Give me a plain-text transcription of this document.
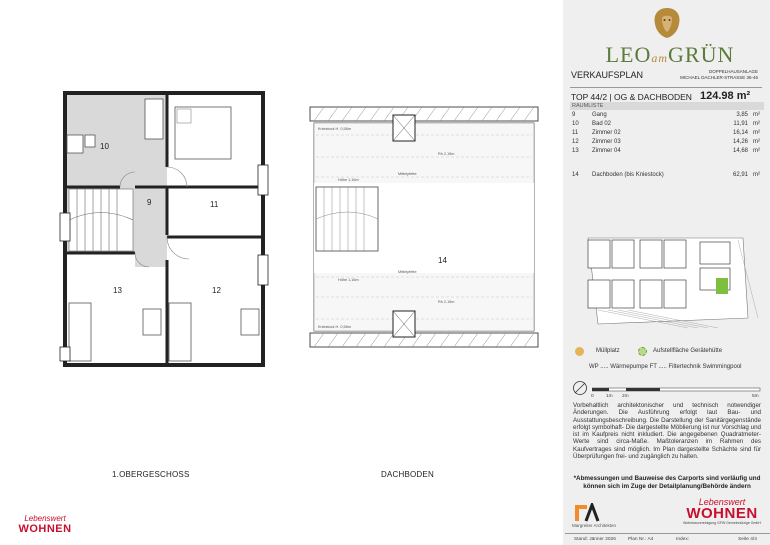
10
9	11
13	12
Kniestock H. 0,58m
Rh 2,19m
Höhe 1,16m
Mittelpfette
14
Höhe 1,16m
Mittelpfette
Rh 2,19m
Kniestock H. 0,58m
1.OBERGESCHOSS	DACHBODEN
Lebenswert
WOHNEN
LEOamGRÜN
DOPPELHAUSANLAGE
MICHAEL DACHLER-STRASSE 36-46
VERKAUFSPLAN
TOP 44/2 | OG & DACHBODEN 124.98 m²
RAUMLISTE
9	Gang	3,85 m²
10 Bad 02	11,91 m²
11 Zimmer 02	16,14 m²
12 Zimmer 03	14,26 m²
13 Zimmer 04	14,68 m²
14 Dachboden (bis Kniestock)	62,91 m²
Müllplatz	Aufstellfläche Gerätehütte
WP ..... Wärmepumpe FT ..... Filtertechnik Swimmingpool
0	1m 2m	5m
Vorbehaltlich architektonischer und technisch notwendiger Änderungen. Die Ausführung erfolgt laut Bau- und Ausstattungsbeschreibung. Die Darstellung der Sanitärgegenstände erfolgt symbolhaft- Die dargestellte Möblierung ist nur Vorschlag und ist im Kaufpreis nicht inkludiert. Die angegebenen Quadratmeter-Werte sind circa-Maße. Maßtoleranzen im Rahmen des Kaufvertrages sind möglich. Im Plan dargestellte Schächte sind für Überprüfungen frei- und zugänglich zu halten.
*Abmessungen und Bauweise des Carports sind vorläufig und können sich im Zuge der Detailplanung/Behörde ändern
Margreiter Architekten
Lebenswert
WOHNEN
Wohnbauvereinigung GFW Gemeinnützige GmbH
Stand: Jänner 2026	Plan Nr.: A4	Index:	Seite 4/4
